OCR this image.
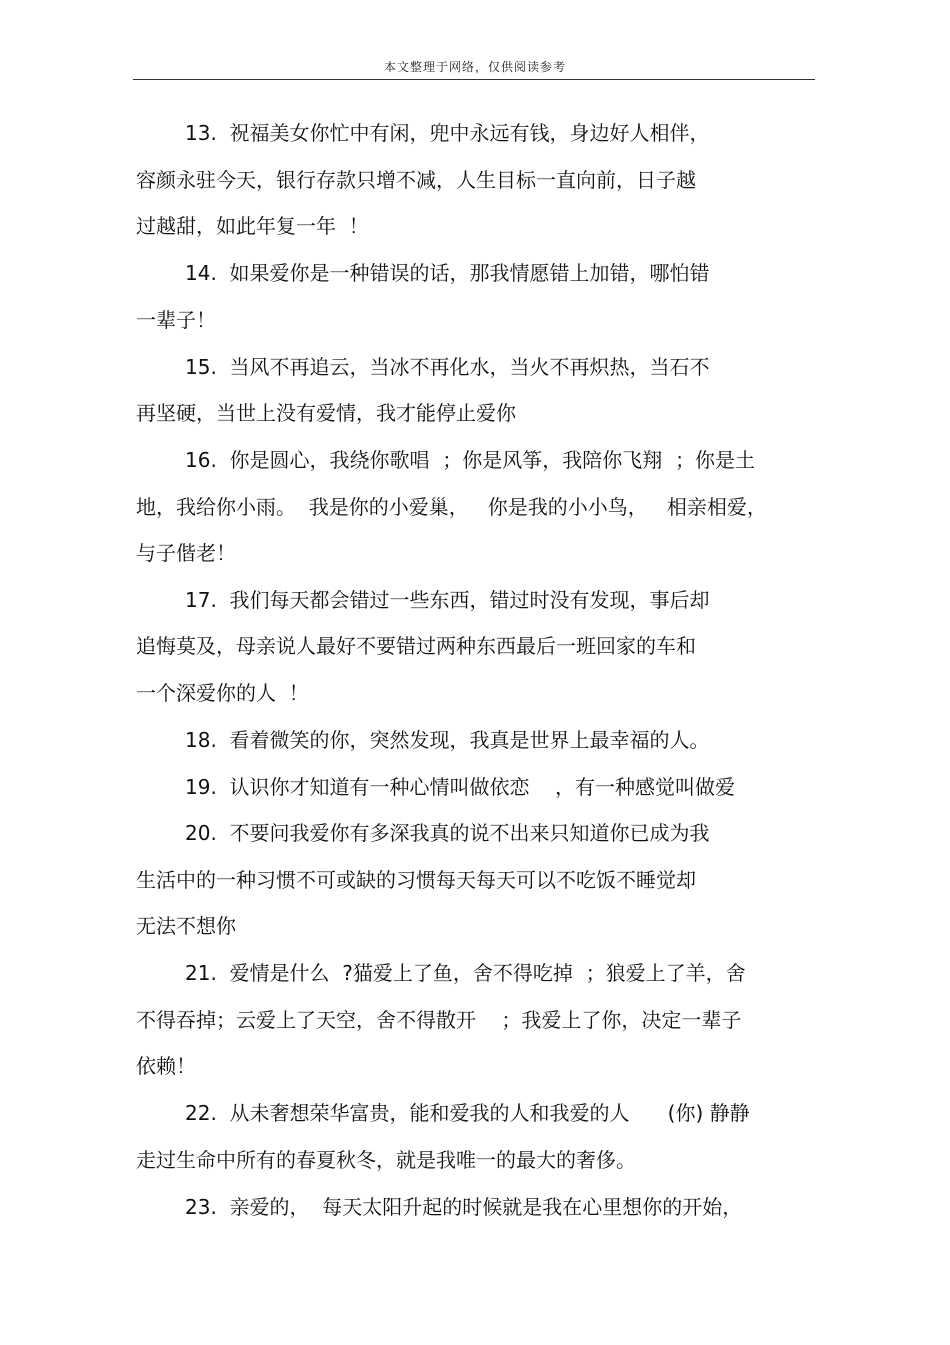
本文整理于网络，仅供阅读参考
13.  祝福美女你忙中有闲，兜中永远有钱，身边好人相伴，
容颜永驻今天，银行存款只增不减，人生目标一直向前，日子越
过越甜，如此年复一年  ！
14.  如果爱你是一种错误的话，那我情愿错上加错，哪怕错
一辈子！
15.  当风不再追云，当冰不再化水，当火不再炽热，当石不
再坚硬，当世上没有爱情，我才能停止爱你
16.  你是圆心，我绕你歌唱  ；你是风筝，我陪你飞翔  ；你是土
地，我给你小雨。  我是你的小爱巢，   你是我的小小鸟，   相亲相爱，
与子偕老！
17.  我们每天都会错过一些东西，错过时没有发现，事后却
追悔莫及，母亲说人最好不要错过两种东西最后一班回家的车和
一个深爱你的人  ！
18.  看着微笑的你，突然发现，我真是世界上最幸福的人。
19.  认识你才知道有一种心情叫做依恋    ，有一种感觉叫做爱
20.  不要问我爱你有多深我真的说不出来只知道你已成为我
生活中的一种习惯不可或缺的习惯每天每天可以不吃饭不睡觉却
无法不想你
21.  爱情是什么  ?猫爱上了鱼，舍不得吃掉  ；狼爱上了羊，舍
不得吞掉；云爱上了天空，舍不得散开    ；我爱上了你，决定一辈子
依赖！
22.  从未奢想荣华富贵，能和爱我的人和我爱的人      (你) 静静
走过生命中所有的春夏秋冬，就是我唯一的最大的奢侈。
23.  亲爱的，  每天太阳升起的时候就是我在心里想你的开始，
